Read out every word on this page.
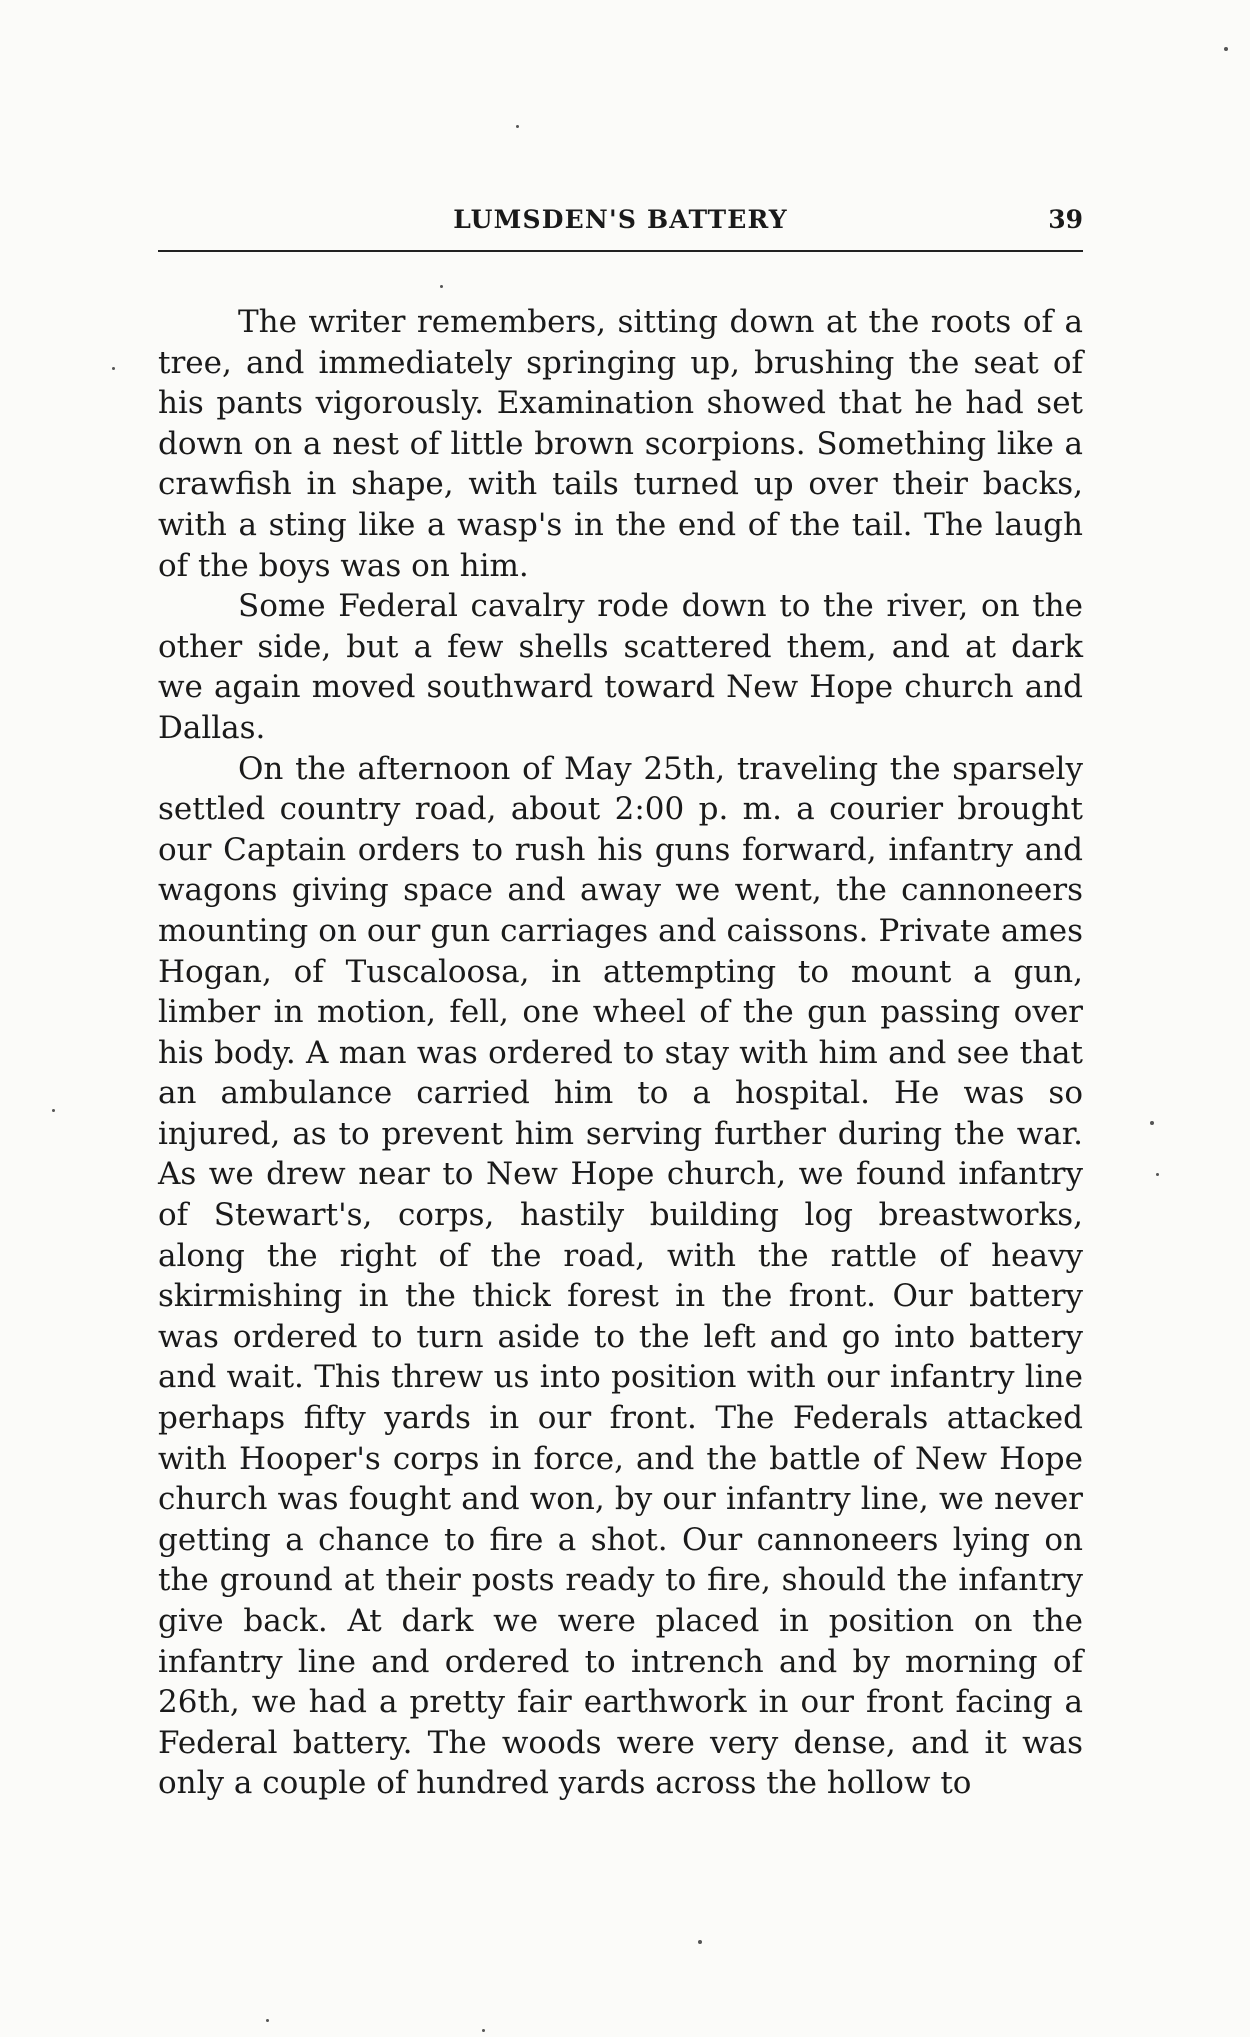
LUMSDEN'S BATTERY	39

The writer remembers, sitting down at the roots of a tree, and immediately springing up, brushing the seat of his pants vigorously. Examination showed that he had set down on a nest of little brown scorpions. Something like a crawfish in shape, with tails turned up over their backs, with a sting like a wasp's in the end of the tail. The laugh of the boys was on him.

Some Federal cavalry rode down to the river, on the other side, but a few shells scattered them, and at dark we again moved southward toward New Hope church and Dallas.

On the afternoon of May 25th, traveling the sparsely settled country road, about 2:00 p. m. a courier brought our Captain orders to rush his guns forward, infantry and wagons giving space and away we went, the cannoneers mounting on our gun carriages and caissons. Private ames Hogan, of Tuscaloosa, in attempting to mount a gun, limber in motion, fell, one wheel of the gun passing over his body. A man was ordered to stay with him and see that an ambulance carried him to a hospital. He was so injured, as to prevent him serving further during the war. As we drew near to New Hope church, we found infantry of Stewart's, corps, hastily building log breastworks, along the right of the road, with the rattle of heavy skirmishing in the thick forest in the front. Our battery was ordered to turn aside to the left and go into battery and wait. This threw us into position with our infantry line perhaps fifty yards in our front. The Federals attacked with Hooper's corps in force, and the battle of New Hope church was fought and won, by our infantry line, we never getting a chance to fire a shot. Our cannoneers lying on the ground at their posts ready to fire, should the infantry give back. At dark we were placed in position on the infantry line and ordered to intrench and by morning of 26th, we had a pretty fair earthwork in our front facing a Federal battery. The woods were very dense, and it was only a couple of hundred yards across the hollow to
